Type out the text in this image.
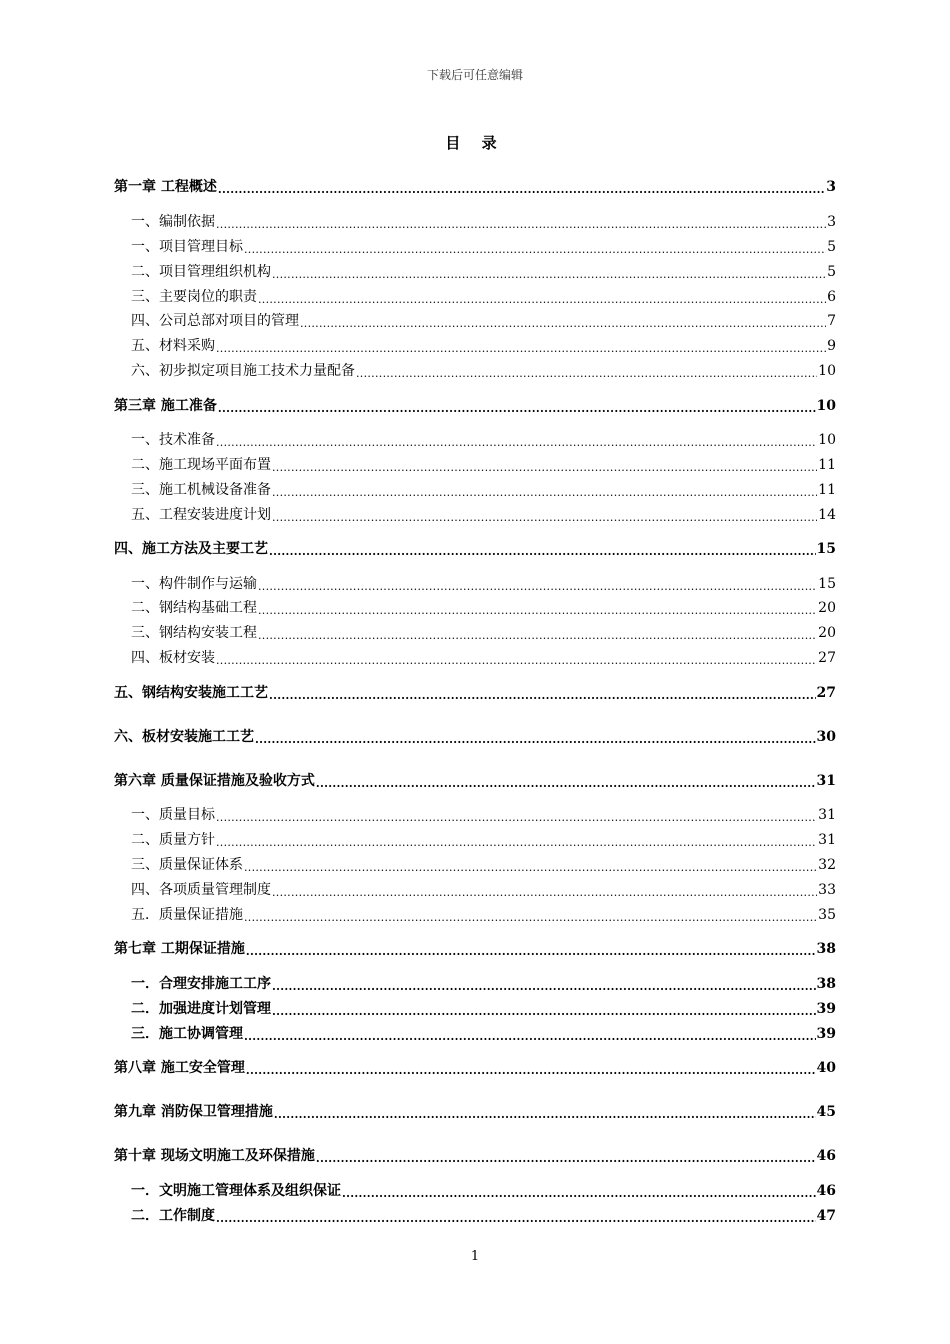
下载后可任意编辑
目 录
第一章 工程概述 .....	3
一、编制依据 .....	3
一、项目管理目标 .....	5
二、项目管理组织机构 .....	5
三、主要岗位的职责 .....	6
四、公司总部对项目的管理 .....	7
五、材料采购 .....	9
六、初步拟定项目施工技术力量配备 .....	10
第三章 施工准备 .....	10
一、技术准备 .....	10
二、施工现场平面布置 .....	11
三、施工机械设备准备 .....	11
五、工程安装进度计划 .....	14
四、施工方法及主要工艺 .....	15
一、构件制作与运输 .....	15
二、钢结构基础工程 .....	20
三、钢结构安装工程 .....	20
四、板材安装 .....	27
五、钢结构安装施工工艺 .....	27
六、板材安装施工工艺 .....	30
第六章 质量保证措施及验收方式 .....	31
一、质量目标 .....	31
二、质量方针 .....	31
三、质量保证体系 .....	32
四、各项质量管理制度 .....	33
五．质量保证措施 .....	35
第七章 工期保证措施 .....	38
一．合理安排施工工序 .....	38
二．加强进度计划管理 .....	39
三．施工协调管理 .....	39
第八章 施工安全管理 .....	40
第九章 消防保卫管理措施 .....	45
第十章 现场文明施工及环保措施 .....	46
一．文明施工管理体系及组织保证 .....	46
二．工作制度 .....	47
1
